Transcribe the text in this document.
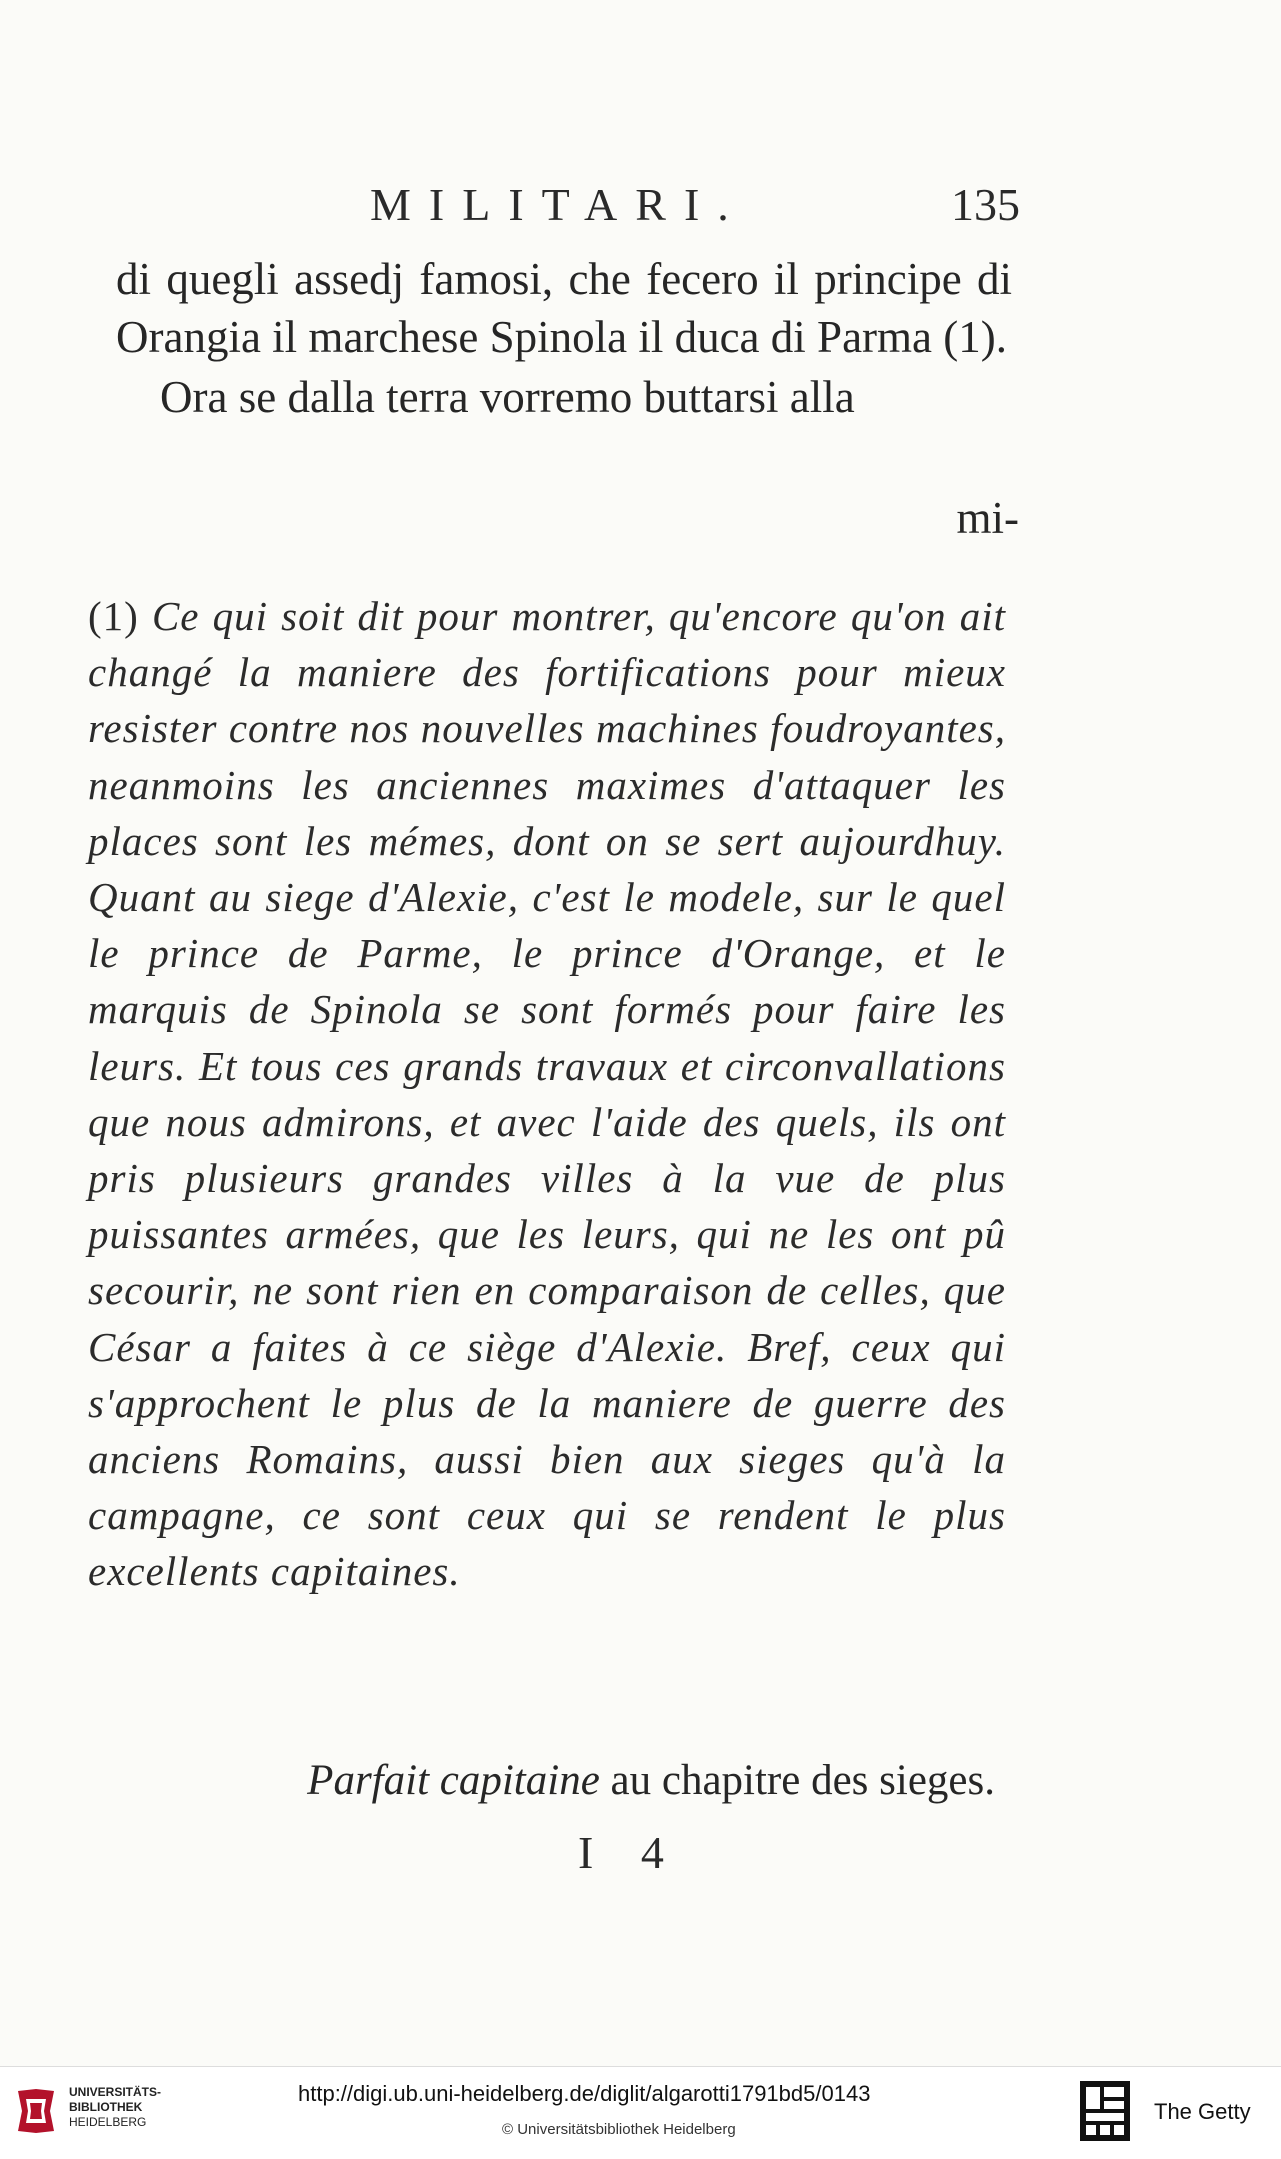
MILITARI.	135

di quegli assedj famosi, che fecero il principe di Orangia il marchese Spinola il duca di Parma (1).

Ora se dalla terra vorremo buttarsi alla

mi-
(1) Ce qui soit dit pour montrer, qu'encore qu'on ait changé la maniere des fortifications pour mieux resister contre nos nouvelles machines foudroyantes, neanmoins les anciennes maximes d'attaquer les places sont les mémes, dont on se sert aujourdhuy. Quant au siege d'Alexie, c'est le modele, sur le quel le prince de Parme, le prince d'Orange, et le marquis de Spinola se sont formés pour faire les leurs. Et tous ces grands travaux et circonvallations que nous admirons, et avec l'aide des quels, ils ont pris plusieurs grandes villes à la vue de plus puissantes armées, que les leurs, qui ne les ont pû secourir, ne sont rien en comparaison de celles, que César a faites à ce siège d'Alexie. Bref, ceux qui s'approchent le plus de la maniere de guerre des anciens Romains, aussi bien aux sieges qu'à la campagne, ce sont ceux qui se rendent le plus excellents capitaines.
Parfait capitaine au chapitre des sieges.
I 4
UNIVERSITÄTS-
BIBLIOTHEK
HEIDELBERG
http://digi.ub.uni-heidelberg.de/diglit/algarotti1791bd5/0143
© Universitätsbibliothek Heidelberg
The Getty
